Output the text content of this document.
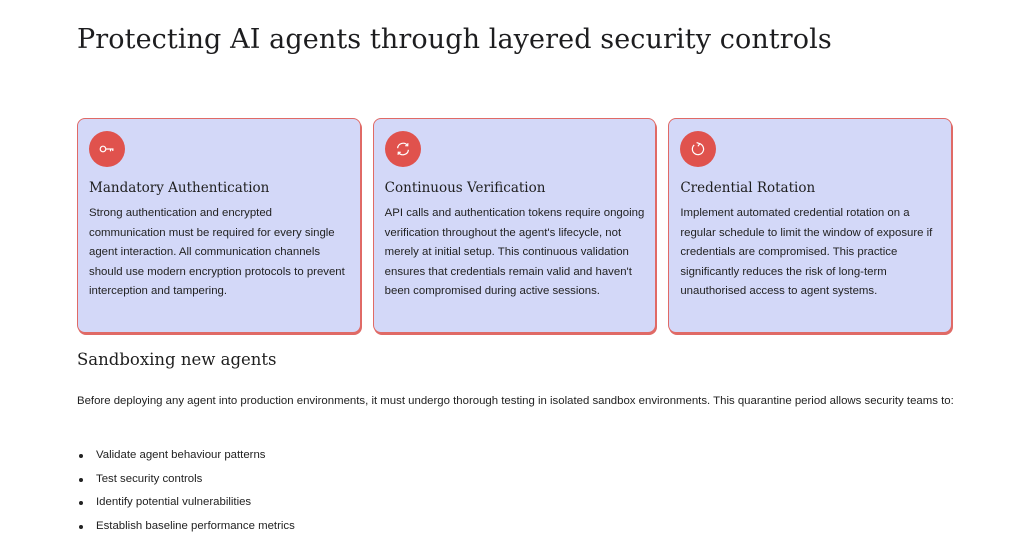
Protecting AI agents through layered security controls
Mandatory Authentication

Strong authentication and encrypted communication must be required for every single agent interaction. All communication channels should use modern encryption protocols to prevent interception and tampering.

Continuous Verification

API calls and authentication tokens require ongoing verification throughout the agent's lifecycle, not merely at initial setup. This continuous validation ensures that credentials remain valid and haven't been compromised during active sessions.

Credential Rotation

Implement automated credential rotation on a regular schedule to limit the window of exposure if credentials are compromised. This practice significantly reduces the risk of long-term unauthorised access to agent systems.

Sandboxing new agents

Before deploying any agent into production environments, it must undergo thorough testing in isolated sandbox environments. This quarantine period allows security teams to:

Validate agent behaviour patterns
Test security controls
Identify potential vulnerabilities
Establish baseline performance metrics
